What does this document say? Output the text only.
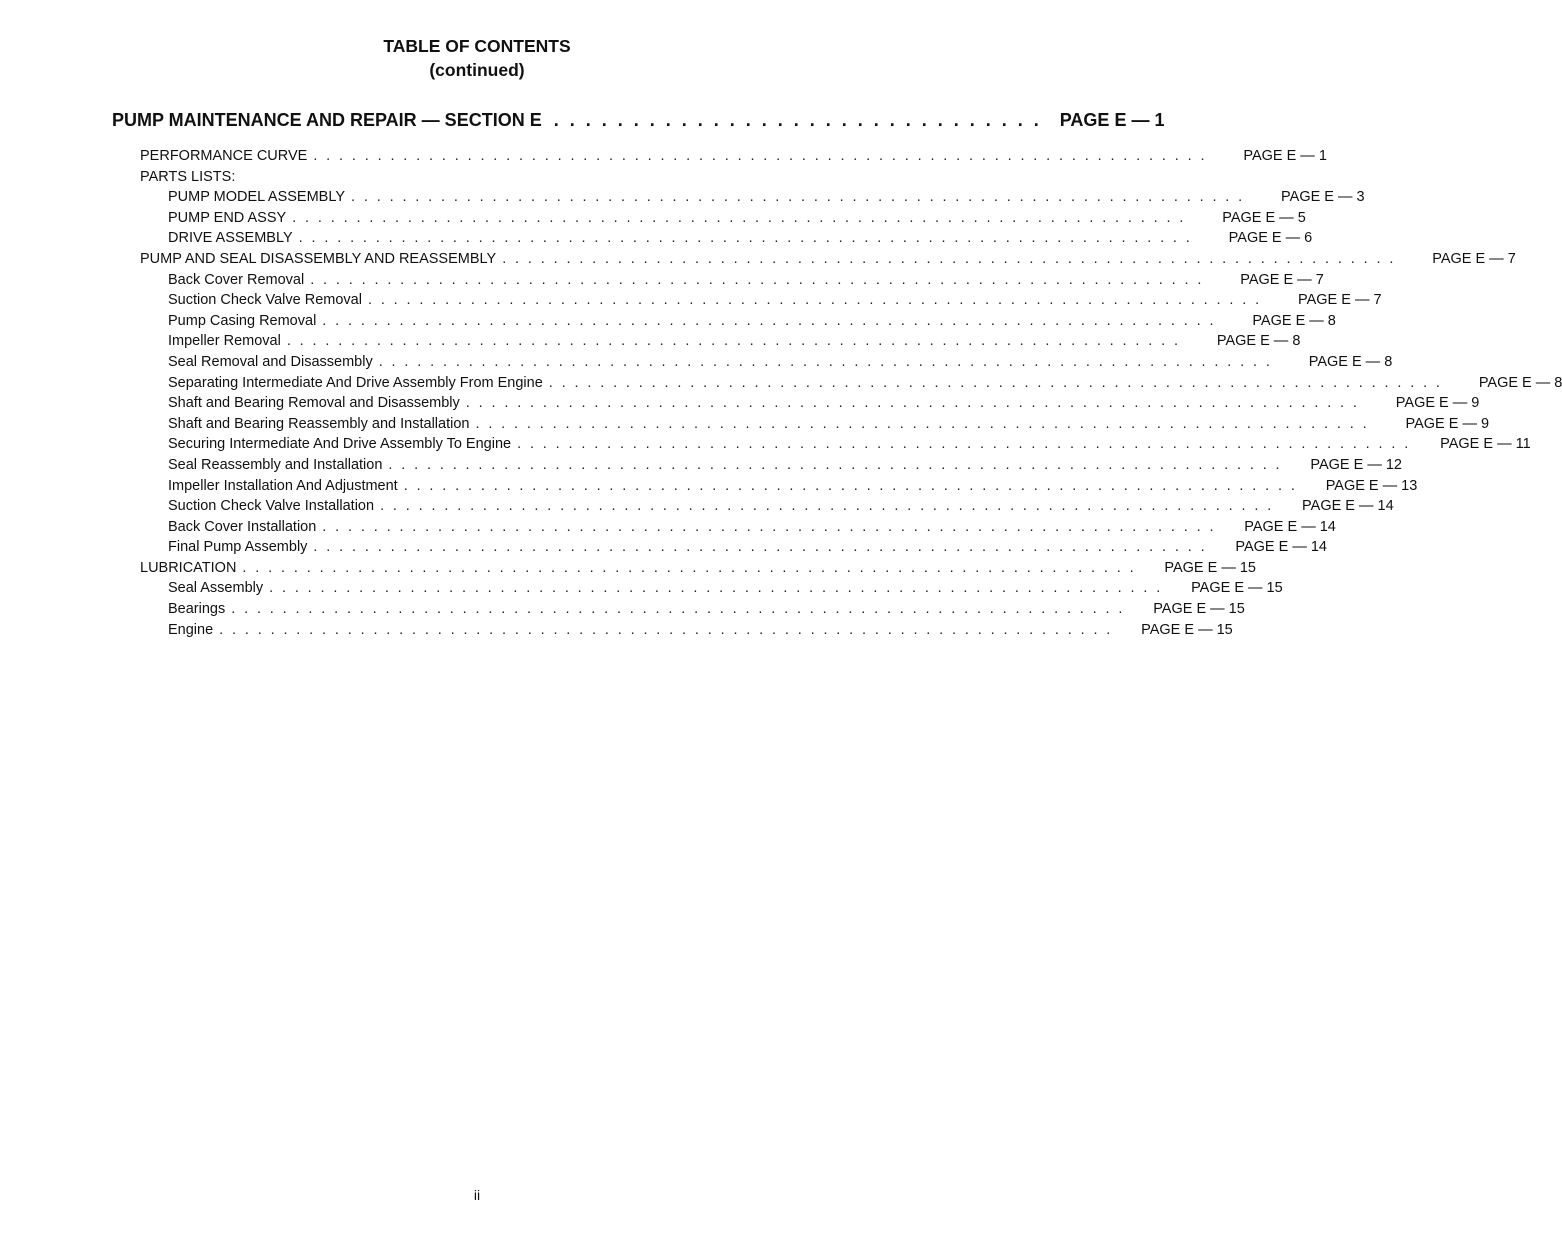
TABLE OF CONTENTS
(continued)
PUMP MAINTENANCE AND REPAIR — SECTION E . . . . . . . . . . . . . . . . . . . . . . . . . . . . . . . PAGE E — 1
PERFORMANCE CURVE . . . . . . . . . . . . . . . . . . . . . . . . . . . . . . . . . . . . . . . . . . . . . . . . . . . . . . . . . . . . . . . . . . . . . .	PAGE E — 1
PARTS LISTS:
PUMP MODEL ASSEMBLY . . . . . . . . . . . . . . . . . . . . . . . . . . . . . . . . . . . . . . . . . . . . . . . . . . . . . . . . . . . . . . . . . . . . . .	PAGE E — 3
PUMP END ASSY . . . . . . . . . . . . . . . . . . . . . . . . . . . . . . . . . . . . . . . . . . . . . . . . . . . . . . . . . . . . . . . . . . . . . .	PAGE E — 5
DRIVE ASSEMBLY . . . . . . . . . . . . . . . . . . . . . . . . . . . . . . . . . . . . . . . . . . . . . . . . . . . . . . . . . . . . . . . . . . . . . .	PAGE E — 6
PUMP AND SEAL DISASSEMBLY AND REASSEMBLY . . . . . . . . . . . . . . . . . . . . . . . . . . . . . . . . . . . . . . . . . . . . . . . . . . . . . . . . . . . . . . . . . . . . . .	PAGE E — 7
Back Cover Removal . . . . . . . . . . . . . . . . . . . . . . . . . . . . . . . . . . . . . . . . . . . . . . . . . . . . . . . . . . . . . . . . . . . . . .	PAGE E — 7
Suction Check Valve Removal . . . . . . . . . . . . . . . . . . . . . . . . . . . . . . . . . . . . . . . . . . . . . . . . . . . . . . . . . . . . . . . . . . . . . .	PAGE E — 7
Pump Casing Removal . . . . . . . . . . . . . . . . . . . . . . . . . . . . . . . . . . . . . . . . . . . . . . . . . . . . . . . . . . . . . . . . . . . . . .	PAGE E — 8
Impeller Removal . . . . . . . . . . . . . . . . . . . . . . . . . . . . . . . . . . . . . . . . . . . . . . . . . . . . . . . . . . . . . . . . . . . . . .	PAGE E — 8
Seal Removal and Disassembly . . . . . . . . . . . . . . . . . . . . . . . . . . . . . . . . . . . . . . . . . . . . . . . . . . . . . . . . . . . . . . . . . . . . . .	PAGE E — 8
Separating Intermediate And Drive Assembly From Engine . . . . . . . . . . . . . . . . . . . . . . . . . . . . . . . . . . . . . . . . . . . . . . . . . . . . . . . . . . . . . . . . . . . . . .	PAGE E — 8
Shaft and Bearing Removal and Disassembly . . . . . . . . . . . . . . . . . . . . . . . . . . . . . . . . . . . . . . . . . . . . . . . . . . . . . . . . . . . . . . . . . . . . . .	PAGE E — 9
Shaft and Bearing Reassembly and Installation . . . . . . . . . . . . . . . . . . . . . . . . . . . . . . . . . . . . . . . . . . . . . . . . . . . . . . . . . . . . . . . . . . . . . .	PAGE E — 9
Securing Intermediate And Drive Assembly To Engine . . . . . . . . . . . . . . . . . . . . . . . . . . . . . . . . . . . . . . . . . . . . . . . . . . . . . . . . . . . . . . . . . . . . . .	PAGE E — 11
Seal Reassembly and Installation . . . . . . . . . . . . . . . . . . . . . . . . . . . . . . . . . . . . . . . . . . . . . . . . . . . . . . . . . . . . . . . . . . . . . .	PAGE E — 12
Impeller Installation And Adjustment . . . . . . . . . . . . . . . . . . . . . . . . . . . . . . . . . . . . . . . . . . . . . . . . . . . . . . . . . . . . . . . . . . . . . .	PAGE E — 13
Suction Check Valve Installation . . . . . . . . . . . . . . . . . . . . . . . . . . . . . . . . . . . . . . . . . . . . . . . . . . . . . . . . . . . . . . . . . . . . . .	PAGE E — 14
Back Cover Installation . . . . . . . . . . . . . . . . . . . . . . . . . . . . . . . . . . . . . . . . . . . . . . . . . . . . . . . . . . . . . . . . . . . . . .	PAGE E — 14
Final Pump Assembly . . . . . . . . . . . . . . . . . . . . . . . . . . . . . . . . . . . . . . . . . . . . . . . . . . . . . . . . . . . . . . . . . . . . . .	PAGE E — 14
LUBRICATION . . . . . . . . . . . . . . . . . . . . . . . . . . . . . . . . . . . . . . . . . . . . . . . . . . . . . . . . . . . . . . . . . . . . . .	PAGE E — 15
Seal Assembly . . . . . . . . . . . . . . . . . . . . . . . . . . . . . . . . . . . . . . . . . . . . . . . . . . . . . . . . . . . . . . . . . . . . . .	PAGE E — 15
Bearings . . . . . . . . . . . . . . . . . . . . . . . . . . . . . . . . . . . . . . . . . . . . . . . . . . . . . . . . . . . . . . . . . . . . . .	PAGE E — 15
Engine . . . . . . . . . . . . . . . . . . . . . . . . . . . . . . . . . . . . . . . . . . . . . . . . . . . . . . . . . . . . . . . . . . . . . .	PAGE E — 15
ii
